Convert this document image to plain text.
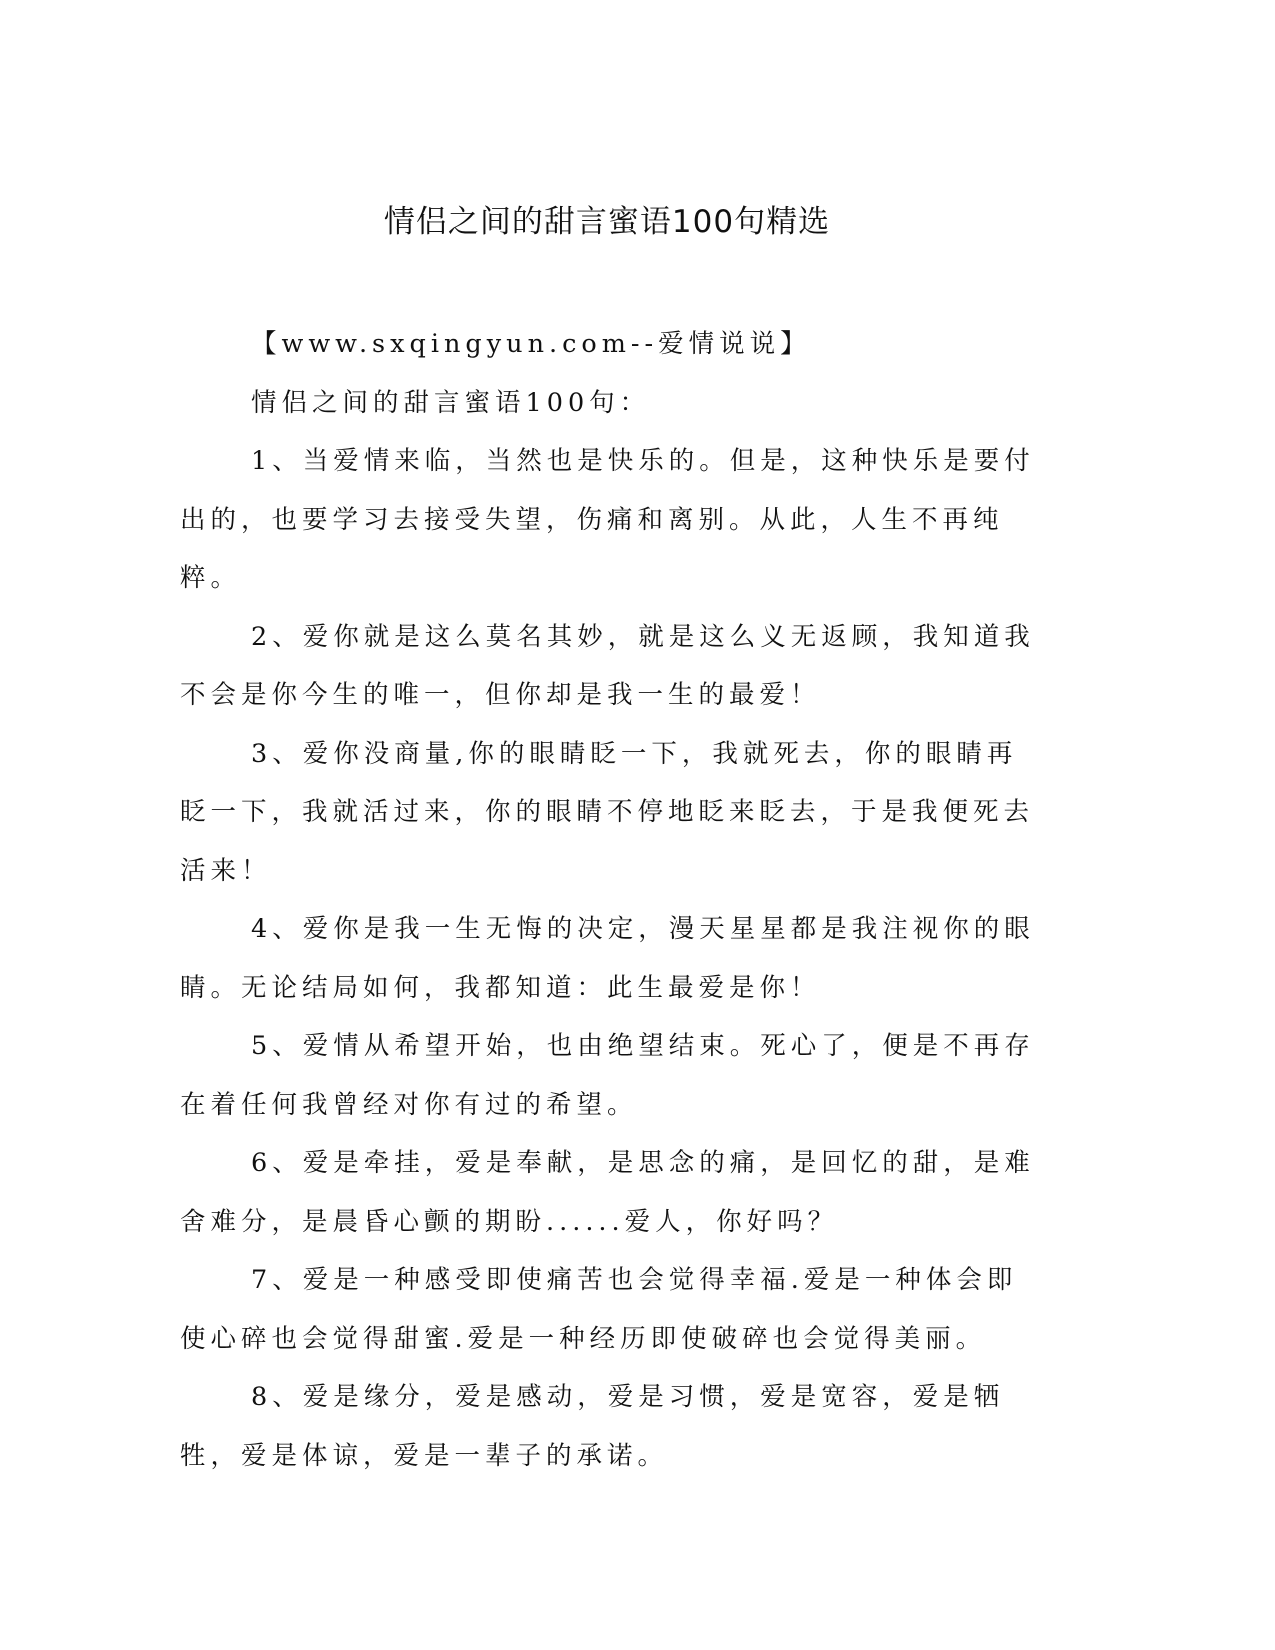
情侣之间的甜言蜜语100句精选

【www.sxqingyun.com--爱情说说】

情侣之间的甜言蜜语100句：

1、当爱情来临，当然也是快乐的。但是，这种快乐是要付出的，也要学习去接受失望，伤痛和离别。从此，人生不再纯粹。

2、爱你就是这么莫名其妙，就是这么义无返顾，我知道我不会是你今生的唯一，但你却是我一生的最爱！

3、爱你没商量,你的眼睛眨一下，我就死去，你的眼睛再眨一下，我就活过来，你的眼睛不停地眨来眨去，于是我便死去活来！

4、爱你是我一生无悔的决定，漫天星星都是我注视你的眼睛。无论结局如何，我都知道：此生最爱是你！

5、爱情从希望开始，也由绝望结束。死心了，便是不再存在着任何我曾经对你有过的希望。

6、爱是牵挂，爱是奉献，是思念的痛，是回忆的甜，是难舍难分，是晨昏心颤的期盼......爱人，你好吗？

7、爱是一种感受即使痛苦也会觉得幸福.爱是一种体会即使心碎也会觉得甜蜜.爱是一种经历即使破碎也会觉得美丽。

8、爱是缘分，爱是感动，爱是习惯，爱是宽容，爱是牺牲，爱是体谅，爱是一辈子的承诺。
